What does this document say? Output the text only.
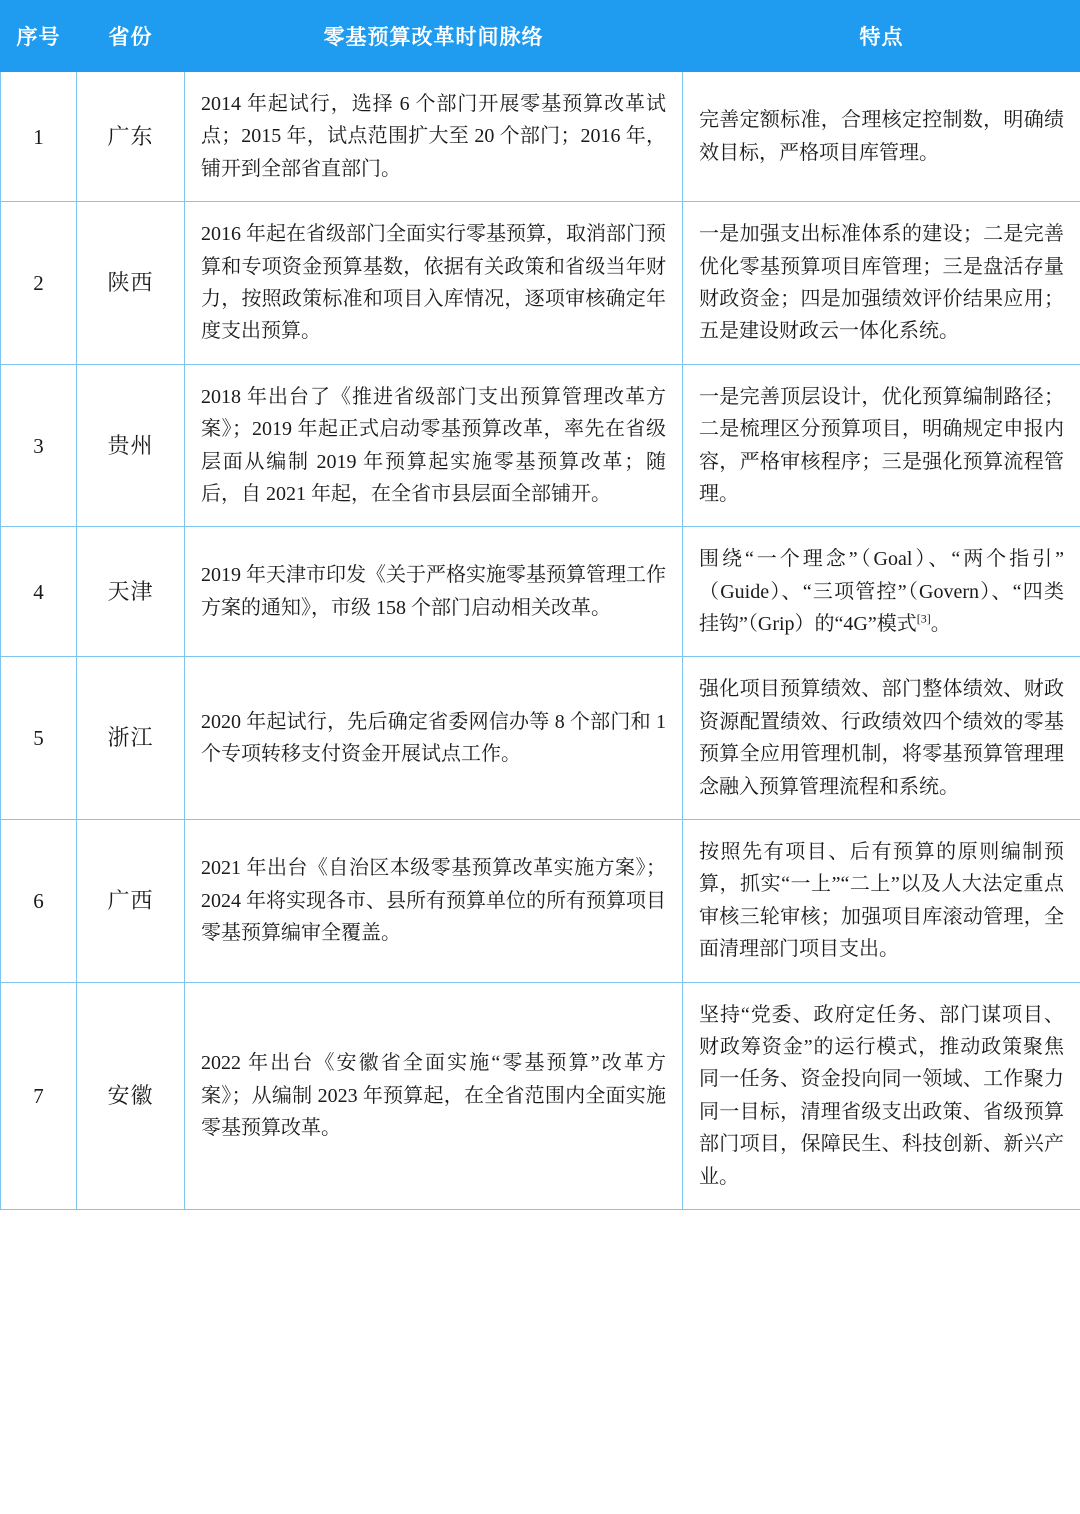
序号	省份	零基预算改革时间脉络	特点
1	广东	2014 年起试行，选择 6 个部门开展零基预算改革试点；2015 年，试点范围扩大至 20 个部门；2016 年，铺开到全部省直部门。	完善定额标准，合理核定控制数，明确绩效目标，严格项目库管理。
2	陕西	2016 年起在省级部门全面实行零基预算，取消部门预算和专项资金预算基数，依据有关政策和省级当年财力，按照政策标准和项目入库情况，逐项审核确定年度支出预算。	一是加强支出标准体系的建设；二是完善优化零基预算项目库管理；三是盘活存量财政资金；四是加强绩效评价结果应用；五是建设财政云一体化系统。
3	贵州	2018 年出台了《推进省级部门支出预算管理改革方案》；2019 年起正式启动零基预算改革，率先在省级层面从编制 2019 年预算起实施零基预算改革；随后，自 2021 年起，在全省市县层面全部铺开。	一是完善顶层设计，优化预算编制路径；二是梳理区分预算项目，明确规定申报内容，严格审核程序；三是强化预算流程管理。
4	天津	2019 年天津市印发《关于严格实施零基预算管理工作方案的通知》，市级 158 个部门启动相关改革。	围绕“一个理念”（Goal）、“两个指引”（Guide）、“三项管控”（Govern）、“四类挂钩”（Grip）的“4G”模式[3]。
5	浙江	2020 年起试行，先后确定省委网信办等 8 个部门和 1 个专项转移支付资金开展试点工作。	强化项目预算绩效、部门整体绩效、财政资源配置绩效、行政绩效四个绩效的零基预算全应用管理机制，将零基预算管理理念融入预算管理流程和系统。
6	广西	2021 年出台《自治区本级零基预算改革实施方案》；2024 年将实现各市、县所有预算单位的所有预算项目零基预算编审全覆盖。	按照先有项目、后有预算的原则编制预算，抓实“一上”“二上”以及人大法定重点审核三轮审核；加强项目库滚动管理，全面清理部门项目支出。
7	安徽	2022 年出台《安徽省全面实施“零基预算”改革方案》；从编制 2023 年预算起，在全省范围内全面实施零基预算改革。	坚持“党委、政府定任务、部门谋项目、财政筹资金”的运行模式，推动政策聚焦同一任务、资金投向同一领域、工作聚力同一目标，清理省级支出政策、省级预算部门项目，保障民生、科技创新、新兴产业。
